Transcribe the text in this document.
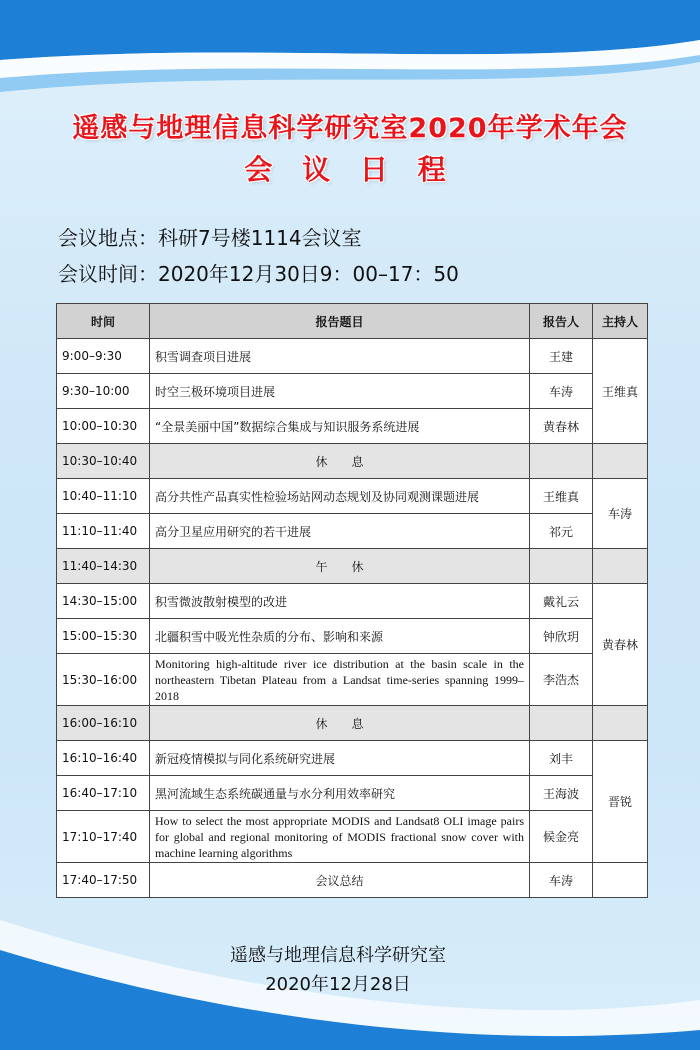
遥感与地理信息科学研究室2020年学术年会
会 议 日 程
会议地点：科研7号楼1114会议室
会议时间：2020年12月30日9：00–17：50
时间	报告题目	报告人	主持人
9:00–9:30	积雪调查项目进展	王建	王维真
9:30–10:00	时空三极环境项目进展	车涛	
10:00–10:30	“全景美丽中国”数据综合集成与知识服务系统进展	黄春林	
10:30–10:40	休　　息		
10:40–11:10	高分共性产品真实性检验场站网动态规划及协同观测课题进展	王维真	车涛
11:10–11:40	高分卫星应用研究的若干进展	祁元	
11:40–14:30	午　　休		
14:30–15:00	积雪微波散射模型的改进	戴礼云	黄春林
15:00–15:30	北疆积雪中吸光性杂质的分布、影响和来源	钟欣玥	
15:30–16:00	Monitoring high-altitude river ice distribution at the basin scale in the northeastern Tibetan Plateau from a Landsat time-series spanning 1999–2018	李浩杰	
16:00–16:10	休　　息		
16:10–16:40	新冠疫情模拟与同化系统研究进展	刘丰	晋锐
16:40–17:10	黑河流域生态系统碳通量与水分利用效率研究	王海波	
17:10–17:40	How to select the most appropriate MODIS and Landsat8 OLI image pairs for global and regional monitoring of MODIS fractional snow cover with machine learning algorithms	候金亮	
17:40–17:50	会议总结	车涛	
遥感与地理信息科学研究室
2020年12月28日
